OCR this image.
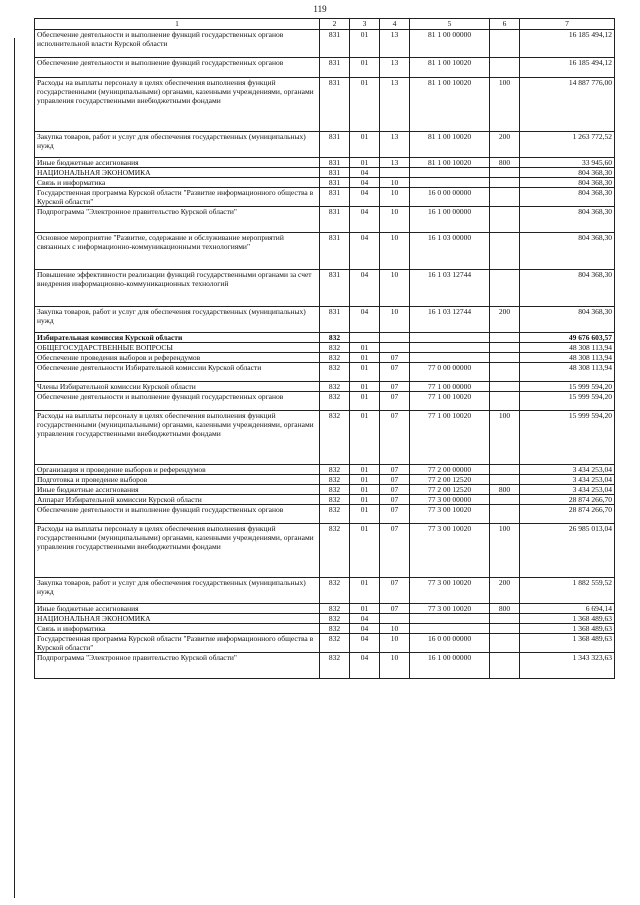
119
1	2	3	4	5	6	7
Обеспечение деятельности и выполнение функций государственных органов исполнительной власти Курской области	831	01	13	81 1 00 00000		16 185 494,12
Обеспечение деятельности и выполнение функций государственных органов	831	01	13	81 1 00 10020		16 185 494,12
Расходы на выплаты персоналу в целях обеспечения выполнения функций государственными (муниципальными) органами, казенными учреждениями, органами управления государственными внебюджетными фондами	831	01	13	81 1 00 10020	100	14 887 776,00
Закупка товаров, работ и услуг для обеспечения государственных (муниципальных) нужд	831	01	13	81 1 00 10020	200	1 263 772,52
Иные бюджетные ассигнования	831	01	13	81 1 00 10020	800	33 945,60
НАЦИОНАЛЬНАЯ ЭКОНОМИКА	831	04				804 368,30
Связь и информатика	831	04	10			804 368,30
Государственная программа Курской области "Развитие информационного общества в Курской области"	831	04	10	16 0 00 00000		804 368,30
Подпрограмма "Электронное правительство Курской области"	831	04	10	16 1 00 00000		804 368,30
Основное мероприятие "Развитие, содержание и обслуживание мероприятий связанных с информационно-коммуникационными технологиями"	831	04	10	16 1 03 00000		804 368,30
Повышение эффективности реализации функций государственными органами за счет внедрения информационно-коммуникационных технологий	831	04	10	16 1 03 12744		804 368,30
Закупка товаров, работ и услуг для обеспечения государственных (муниципальных) нужд	831	04	10	16 1 03 12744	200	804 368,30
Избирательная комиссия Курской области	832					49 676 603,57
ОБЩЕГОСУДАРСТВЕННЫЕ ВОПРОСЫ	832	01				48 308 113,94
Обеспечение проведения выборов и референдумов	832	01	07			48 308 113,94
Обеспечение деятельности Избирательной комиссии Курской области	832	01	07	77 0 00 00000		48 308 113,94
Члены Избирательной комиссии Курской области	832	01	07	77 1 00 00000		15 999 594,20
Обеспечение деятельности и выполнение функций государственных органов	832	01	07	77 1 00 10020		15 999 594,20
Расходы на выплаты персоналу в целях обеспечения выполнения функций государственными (муниципальными) органами, казенными учреждениями, органами управления государственными внебюджетными фондами	832	01	07	77 1 00 10020	100	15 999 594,20
Организация и проведение выборов и референдумов	832	01	07	77 2 00 00000		3 434 253,04
Подготовка и проведение выборов	832	01	07	77 2 00 12520		3 434 253,04
Иные бюджетные ассигнования	832	01	07	77 2 00 12520	800	3 434 253,04
Аппарат Избирательной комиссии Курской области	832	01	07	77 3 00 00000		28 874 266,70
Обеспечение деятельности и выполнение функций государственных органов	832	01	07	77 3 00 10020		28 874 266,70
Расходы на выплаты персоналу в целях обеспечения выполнения функций государственными (муниципальными) органами, казенными учреждениями, органами управления государственными внебюджетными фондами	832	01	07	77 3 00 10020	100	26 985 013,04
Закупка товаров, работ и услуг для обеспечения государственных (муниципальных) нужд	832	01	07	77 3 00 10020	200	1 882 559,52
Иные бюджетные ассигнования	832	01	07	77 3 00 10020	800	6 694,14
НАЦИОНАЛЬНАЯ ЭКОНОМИКА	832	04				1 368 489,63
Связь и информатика	832	04	10			1 368 489,63
Государственная программа Курской области "Развитие информационного общества в Курской области"	832	04	10	16 0 00 00000		1 368 489,63
Подпрограмма "Электронное правительство Курской области"	832	04	10	16 1 00 00000		1 343 323,63
